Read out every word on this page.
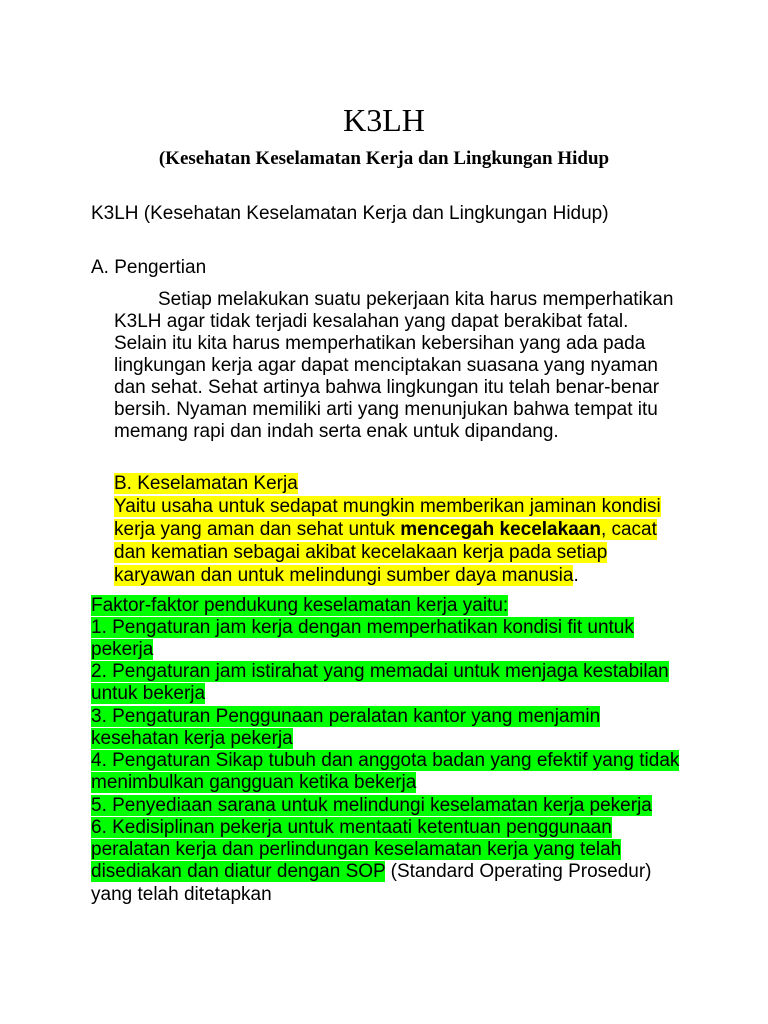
K3LH
(Kesehatan Keselamatan Kerja dan Lingkungan Hidup
K3LH (Kesehatan Keselamatan Kerja dan Lingkungan Hidup)
A. Pengertian
Setiap melakukan suatu pekerjaan kita harus memperhatikan
K3LH agar tidak terjadi kesalahan yang dapat berakibat fatal.
Selain itu kita harus memperhatikan kebersihan yang ada pada
lingkungan kerja agar dapat menciptakan suasana yang nyaman
dan sehat. Sehat artinya bahwa lingkungan itu telah benar-benar
bersih. Nyaman memiliki arti yang menunjukan bahwa tempat itu
memang rapi dan indah serta enak untuk dipandang.
B. Keselamatan Kerja
Yaitu usaha untuk sedapat mungkin memberikan jaminan kondisi
kerja yang aman dan sehat untuk mencegah kecelakaan, cacat
dan kematian sebagai akibat kecelakaan kerja pada setiap
karyawan dan untuk melindungi sumber daya manusia.
Faktor-faktor pendukung keselamatan kerja yaitu:
1. Pengaturan jam kerja dengan memperhatikan kondisi fit untuk
pekerja
2. Pengaturan jam istirahat yang memadai untuk menjaga kestabilan
untuk bekerja
3. Pengaturan Penggunaan peralatan kantor yang menjamin
kesehatan kerja pekerja
4. Pengaturan Sikap tubuh dan anggota badan yang efektif yang tidak
menimbulkan gangguan ketika bekerja
5. Penyediaan sarana untuk melindungi keselamatan kerja pekerja
6. Kedisiplinan pekerja untuk mentaati ketentuan penggunaan
peralatan kerja dan perlindungan keselamatan kerja yang telah
disediakan dan diatur dengan SOP (Standard Operating Prosedur)
yang telah ditetapkan
